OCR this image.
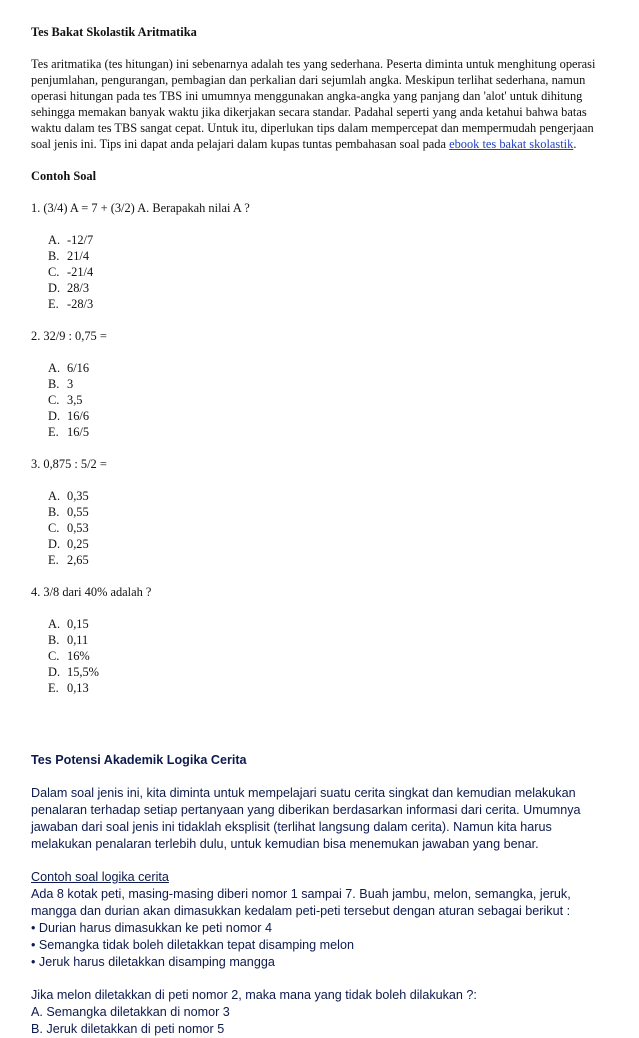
Tes Bakat Skolastik Aritmatika

Tes aritmatika (tes hitungan) ini sebenarnya adalah tes yang sederhana. Peserta diminta untuk menghitung operasi penjumlahan, pengurangan, pembagian dan perkalian dari sejumlah angka. Meskipun terlihat sederhana, namun operasi hitungan pada tes TBS ini umumnya menggunakan angka-angka yang panjang dan 'alot' untuk dihitung sehingga memakan banyak waktu jika dikerjakan secara standar. Padahal seperti yang anda ketahui bahwa batas waktu dalam tes TBS sangat cepat. Untuk itu, diperlukan tips dalam mempercepat dan mempermudah pengerjaan soal jenis ini. Tips ini dapat anda pelajari dalam kupas tuntas pembahasan soal pada ebook tes bakat skolastik.

Contoh Soal

1. (3/4) A = 7 + (3/2) A. Berapakah nilai A ?

A. -12/7
B. 21/4
C. -21/4
D. 28/3
E. -28/3

2. 32/9 : 0,75 =

A. 6/16
B. 3
C. 3,5
D. 16/6
E. 16/5

3. 0,875 : 5/2 =

A. 0,35
B. 0,55
C. 0,53
D. 0,25
E. 2,65

4. 3/8 dari 40% adalah ?

A. 0,15
B. 0,11
C. 16%
D. 15,5%
E. 0,13

Tes Potensi Akademik Logika Cerita

Dalam soal jenis ini, kita diminta untuk mempelajari suatu cerita singkat dan kemudian melakukan penalaran terhadap setiap pertanyaan yang diberikan berdasarkan informasi dari cerita. Umumnya jawaban dari soal jenis ini tidaklah eksplisit (terlihat langsung dalam cerita). Namun kita harus melakukan penalaran terlebih dulu, untuk kemudian bisa menemukan jawaban yang benar.

Contoh soal logika cerita

Ada 8 kotak peti, masing-masing diberi nomor 1 sampai 7. Buah jambu, melon, semangka, jeruk, mangga dan durian akan dimasukkan kedalam peti-peti tersebut dengan aturan sebagai berikut :

• Durian harus dimasukkan ke peti nomor 4

• Semangka tidak boleh diletakkan tepat disamping melon

• Jeruk harus diletakkan disamping mangga

Jika melon diletakkan di peti nomor 2, maka mana yang tidak boleh dilakukan ?:

A. Semangka diletakkan di nomor 3

B. Jeruk diletakkan di peti nomor 5
